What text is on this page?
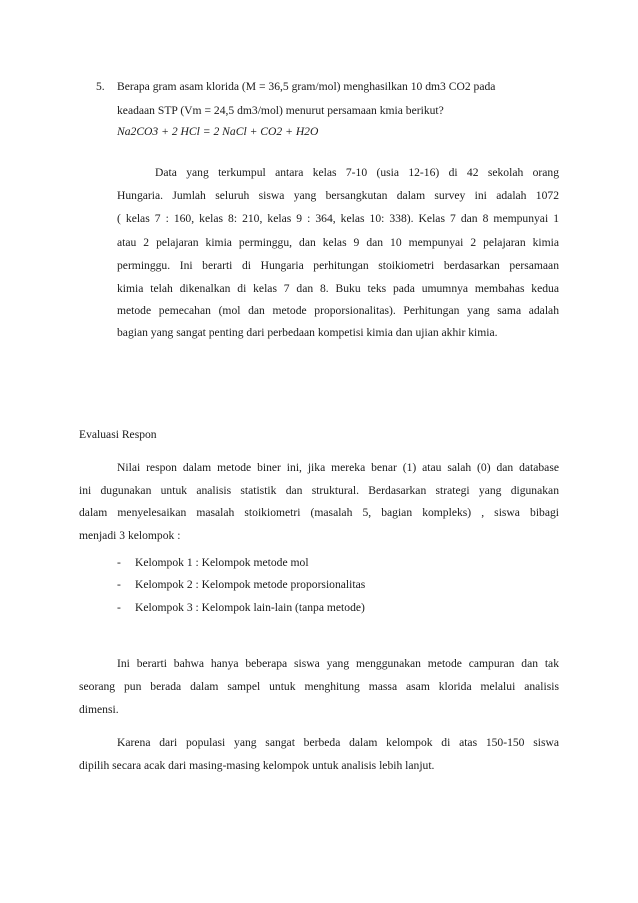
5. Berapa gram asam klorida (M = 36,5 gram/mol) menghasilkan 10 dm3 CO2 pada
keadaan STP (Vm = 24,5 dm3/mol) menurut persamaan kmia berikut?
Na2CO3 + 2 HCl = 2 NaCl + CO2 + H2O
Data yang terkumpul antara kelas 7-10 (usia 12-16) di 42 sekolah orang
Hungaria. Jumlah seluruh siswa yang bersangkutan dalam survey ini adalah 1072
( kelas 7 : 160, kelas 8: 210, kelas 9 : 364, kelas 10: 338). Kelas 7 dan 8 mempunyai 1
atau 2 pelajaran kimia perminggu, dan kelas 9 dan 10 mempunyai 2 pelajaran kimia
perminggu. Ini berarti di Hungaria perhitungan stoikiometri berdasarkan persamaan
kimia telah dikenalkan di kelas 7 dan 8. Buku teks pada umumnya membahas kedua
metode pemecahan (mol dan metode proporsionalitas). Perhitungan yang sama adalah
bagian yang sangat penting dari perbedaan kompetisi kimia dan ujian akhir kimia.
Evaluasi Respon
Nilai respon dalam metode biner ini, jika mereka benar (1) atau salah (0) dan database
ini dugunakan untuk analisis statistik dan struktural. Berdasarkan strategi yang digunakan
dalam menyelesaikan masalah stoikiometri (masalah 5, bagian kompleks) , siswa bibagi
menjadi 3 kelompok :
- Kelompok 1 : Kelompok metode mol
- Kelompok 2 : Kelompok metode proporsionalitas
- Kelompok 3 : Kelompok lain-lain (tanpa metode)
Ini berarti bahwa hanya beberapa siswa yang menggunakan metode campuran dan tak
seorang pun berada dalam sampel untuk menghitung massa asam klorida melalui analisis
dimensi.
Karena dari populasi yang sangat berbeda dalam kelompok di atas 150-150 siswa
dipilih secara acak dari masing-masing kelompok untuk analisis lebih lanjut.
